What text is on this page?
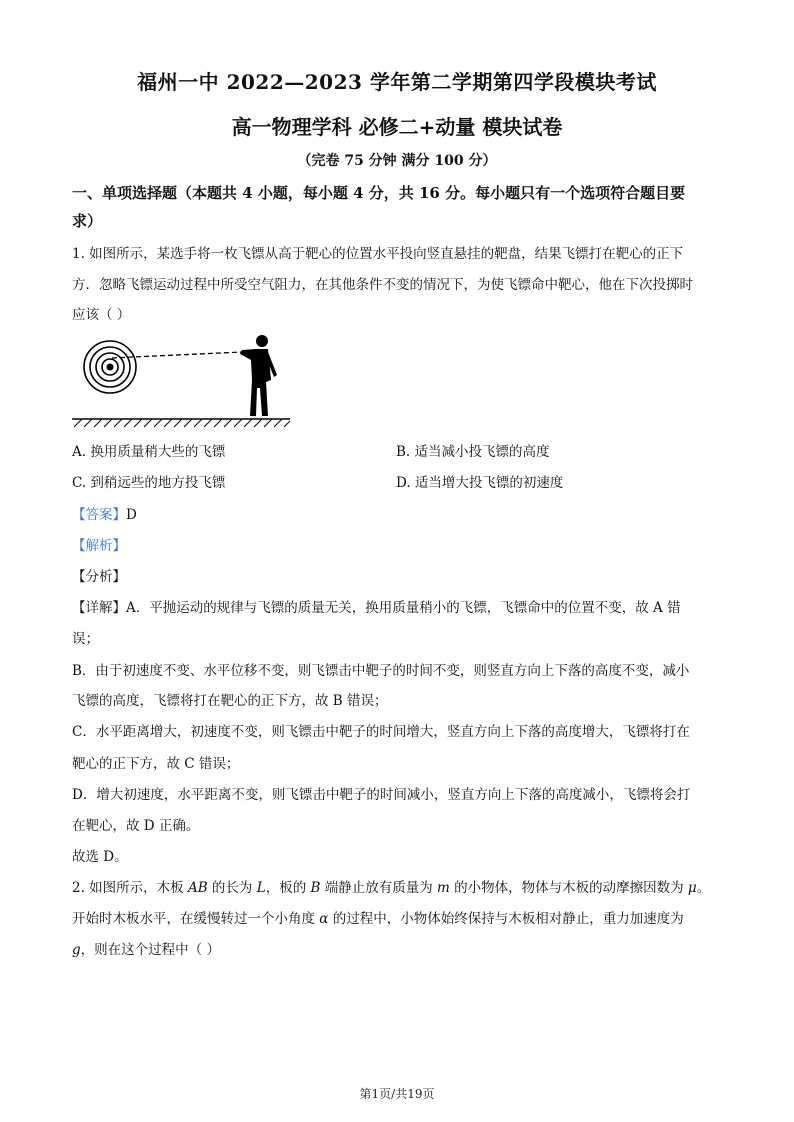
福州一中 2022—2023 学年第二学期第四学段模块考试
高一物理学科 必修二+动量 模块试卷
（完卷 75 分钟 满分 100 分）
一、单项选择题（本题共 4 小题，每小题 4 分，共 16 分。每小题只有一个选项符合题目要
求）
1. 如图所示，某选手将一枚飞镖从高于靶心的位置水平投向竖直悬挂的靶盘，结果飞镖打在靶心的正下
方．忽略飞镖运动过程中所受空气阻力，在其他条件不变的情况下，为使飞镖命中靶心，他在下次投掷时
应该（ ）
A. 换用质量稍大些的飞镖	B. 适当减小投飞镖的高度
C. 到稍远些的地方投飞镖	D. 适当增大投飞镖的初速度
【答案】D
【解析】
【分析】
【详解】A．平抛运动的规律与飞镖的质量无关，换用质量稍小的飞镖，飞镖命中的位置不变，故 A 错
误；
B．由于初速度不变、水平位移不变，则飞镖击中靶子的时间不变，则竖直方向上下落的高度不变，减小
飞镖的高度，飞镖将打在靶心的正下方，故 B 错误；
C．水平距离增大，初速度不变，则飞镖击中靶子的时间增大，竖直方向上下落的高度增大，飞镖将打在
靶心的正下方，故 C 错误；
D．增大初速度，水平距离不变，则飞镖击中靶子的时间减小，竖直方向上下落的高度减小，飞镖将会打
在靶心，故 D 正确。
故选 D。
2. 如图所示，木板 AB 的长为 L，板的 B 端静止放有质量为 m 的小物体，物体与木板的动摩擦因数为 μ。
开始时木板水平，在缓慢转过一个小角度 α 的过程中，小物体始终保持与木板相对静止，重力加速度为
g，则在这个过程中（ ）
第1页/共19页
